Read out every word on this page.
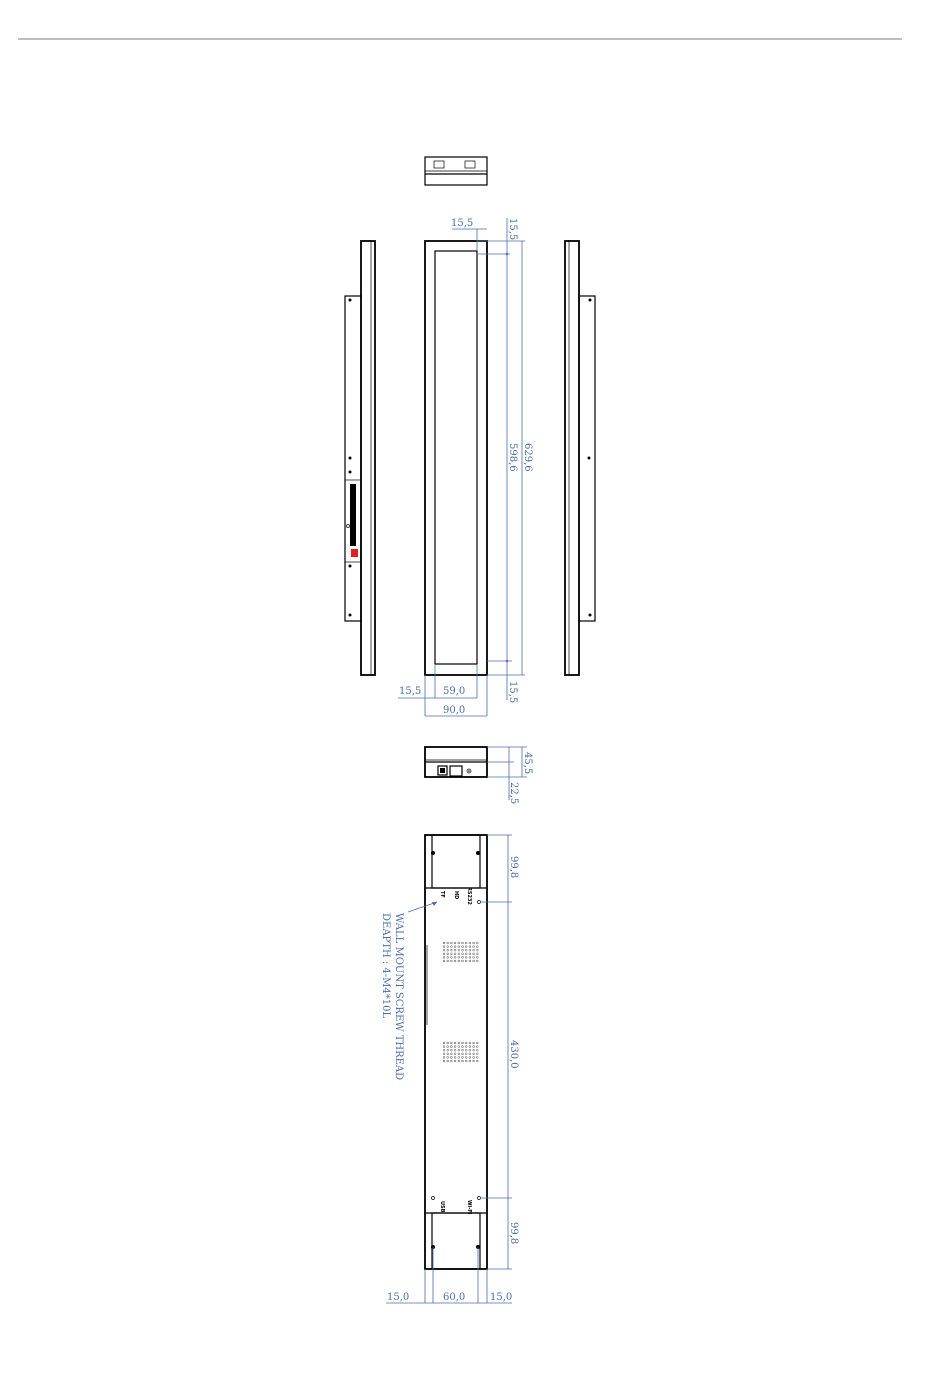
15,5	15,5
598,6 629,6
15,5
15,5 59,0
90,0
45,5
22,5
TF HD RS232
USB	Wi-Fi
WALL MOUNT SCREW THREAD
DEAPTH : 4-M4*10L
99,8
430,0
99,8
15,0	60,0 15,0
